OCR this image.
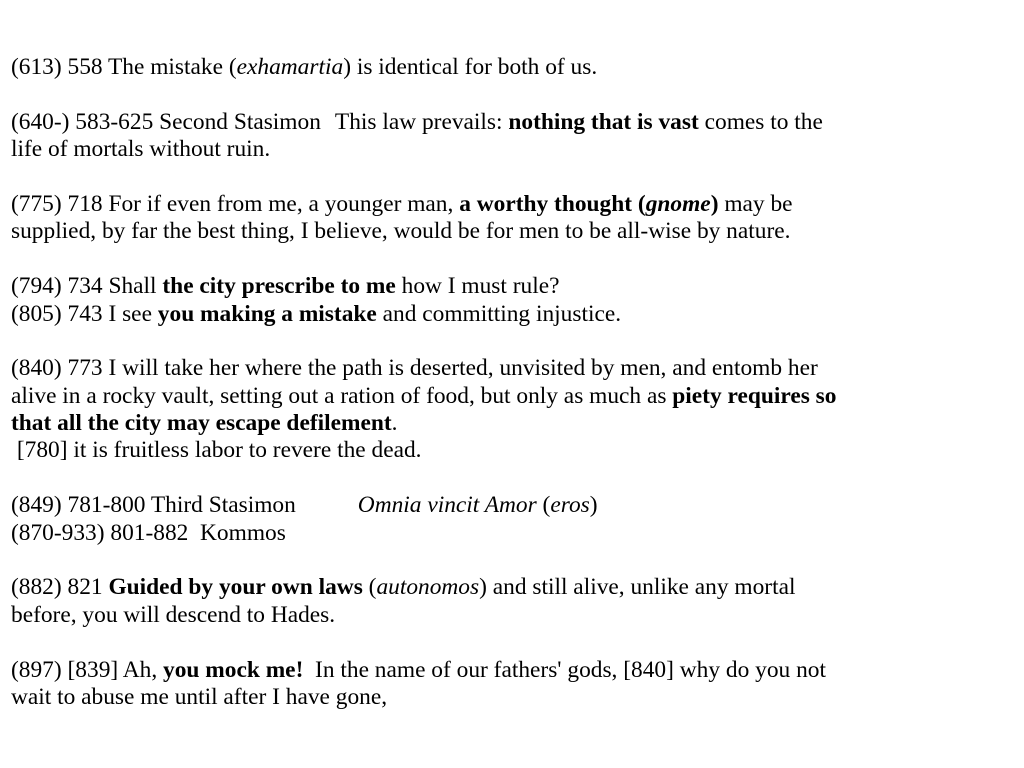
(613) 558 The mistake (exhamartia) is identical for both of us.
(640-) 583-625 Second Stasimon This law prevails: nothing that is vast comes to the
life of mortals without ruin.
(775) 718 For if even from me, a younger man, a worthy thought (gnome) may be
supplied, by far the best thing, I believe, would be for men to be all-wise by nature.
(794) 734 Shall the city prescribe to me how I must rule?
(805) 743 I see you making a mistake and committing injustice.
(840) 773 I will take her where the path is deserted, unvisited by men, and entomb her
alive in a rocky vault, setting out a ration of food, but only as much as piety requires so
that all the city may escape defilement.
[780] it is fruitless labor to revere the dead.
(849) 781-800 Third Stasimon	Omnia vincit Amor (eros)
(870-933) 801-882  Kommos
(882) 821 Guided by your own laws (autonomos) and still alive, unlike any mortal
before, you will descend to Hades.
(897) [839] Ah, you mock me!  In the name of our fathers' gods, [840] why do you not
wait to abuse me until after I have gone,
